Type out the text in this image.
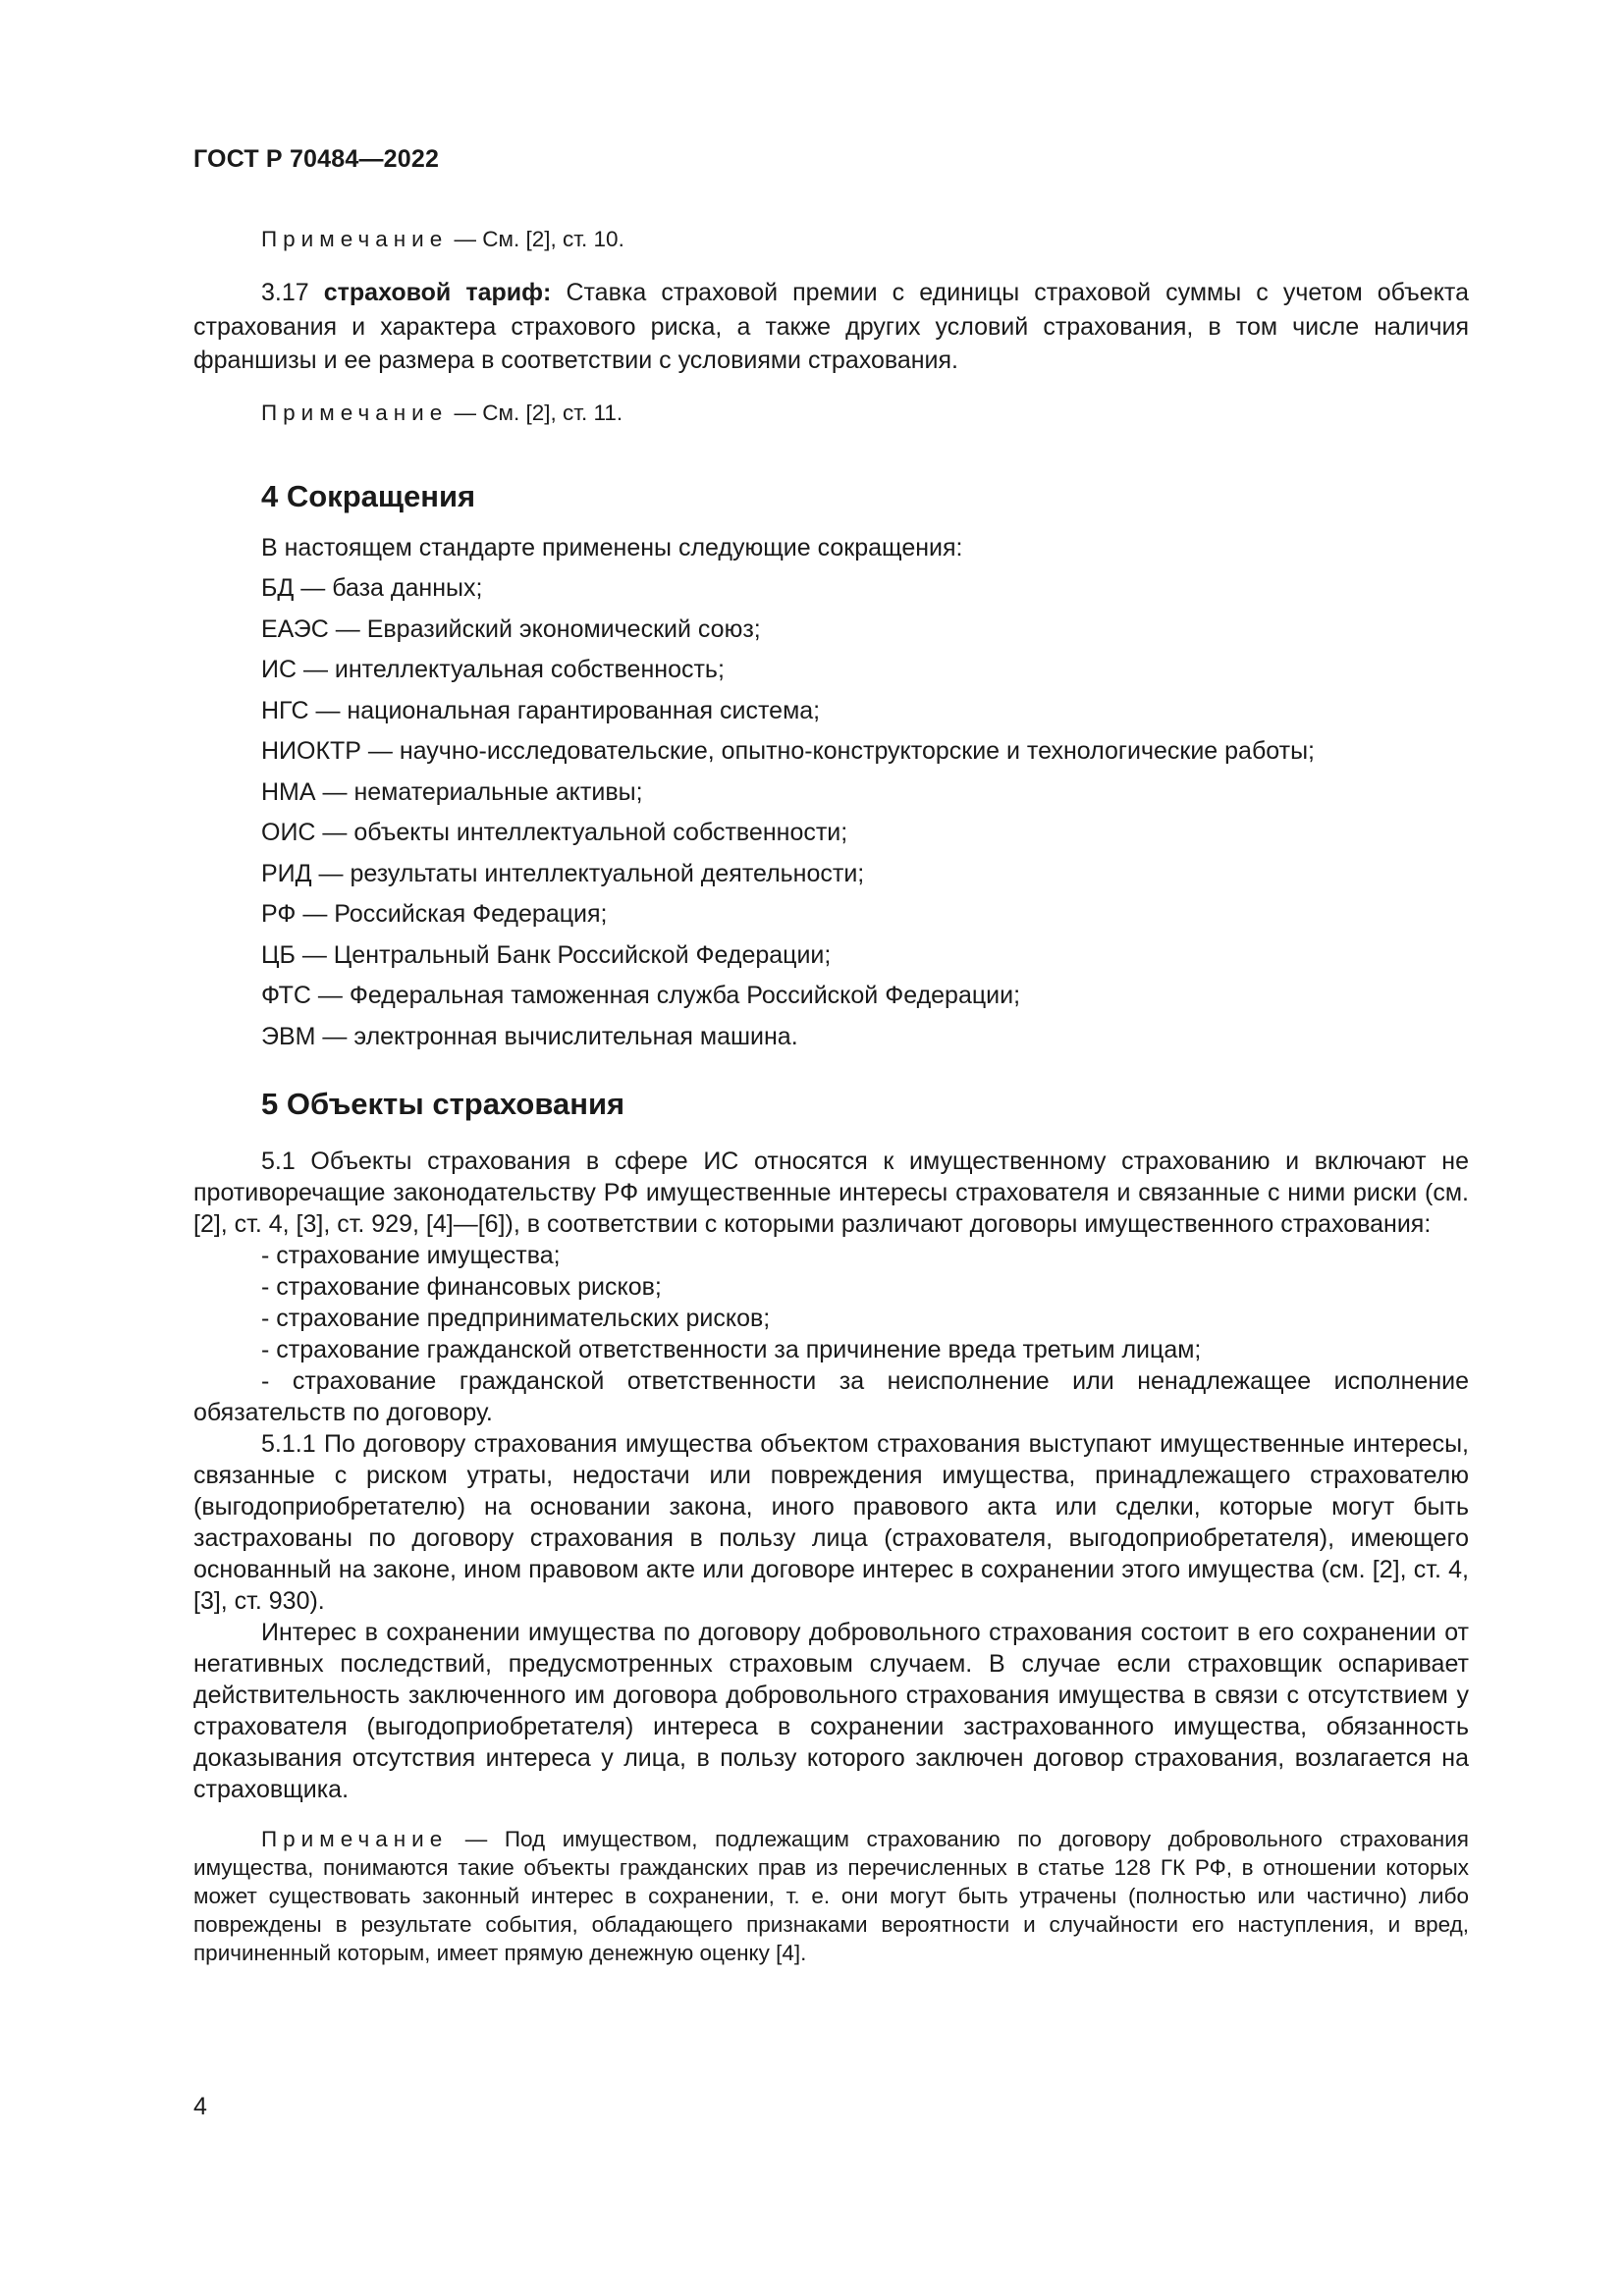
ГОСТ Р 70484—2022

Примечание — См. [2], ст. 10.

3.17 страховой тариф: Ставка страховой премии с единицы страховой суммы с учетом объекта страхования и характера страхового риска, а также других условий страхования, в том числе наличия франшизы и ее размера в соответствии с условиями страхования.

Примечание — См. [2], ст. 11.

4 Сокращения

В настоящем стандарте применены следующие сокращения:

БД — база данных;
ЕАЭС — Евразийский экономический союз;
ИС — интеллектуальная собственность;
НГС — национальная гарантированная система;
НИОКТР — научно-исследовательские, опытно-конструкторские и технологические работы;
НМА — нематериальные активы;
ОИС — объекты интеллектуальной собственности;
РИД — результаты интеллектуальной деятельности;
РФ — Российская Федерация;
ЦБ — Центральный Банк Российской Федерации;
ФТС — Федеральная таможенная служба Российской Федерации;
ЭВМ — электронная вычислительная машина.
5 Объекты страхования

5.1 Объекты страхования в сфере ИС относятся к имущественному страхованию и включают не противоречащие законодательству РФ имущественные интересы страхователя и связанные с ними риски (см. [2], ст. 4, [3], ст. 929, [4]—[6]), в соответствии с которыми различают договоры имущественного страхования:

- страхование имущества;
- страхование финансовых рисков;
- страхование предпринимательских рисков;
- страхование гражданской ответственности за причинение вреда третьим лицам;
- страхование гражданской ответственности за неисполнение или ненадлежащее исполнение обязательств по договору.

5.1.1 По договору страхования имущества объектом страхования выступают имущественные интересы, связанные с риском утраты, недостачи или повреждения имущества, принадлежащего страхователю (выгодоприобретателю) на основании закона, иного правового акта или сделки, которые могут быть застрахованы по договору страхования в пользу лица (страхователя, выгодоприобретателя), имеющего основанный на законе, ином правовом акте или договоре интерес в сохранении этого имущества (см. [2], ст. 4, [3], ст. 930).

Интерес в сохранении имущества по договору добровольного страхования состоит в его сохранении от негативных последствий, предусмотренных страховым случаем. В случае если страховщик оспаривает действительность заключенного им договора добровольного страхования имущества в связи с отсутствием у страхователя (выгодоприобретателя) интереса в сохранении застрахованного имущества, обязанность доказывания отсутствия интереса у лица, в пользу которого заключен договор страхования, возлагается на страховщика.

Примечание — Под имуществом, подлежащим страхованию по договору добровольного страхования имущества, понимаются такие объекты гражданских прав из перечисленных в статье 128 ГК РФ, в отношении которых может существовать законный интерес в сохранении, т. е. они могут быть утрачены (полностью или частично) либо повреждены в результате события, обладающего признаками вероятности и случайности его наступления, и вред, причиненный которым, имеет прямую денежную оценку [4].

4
